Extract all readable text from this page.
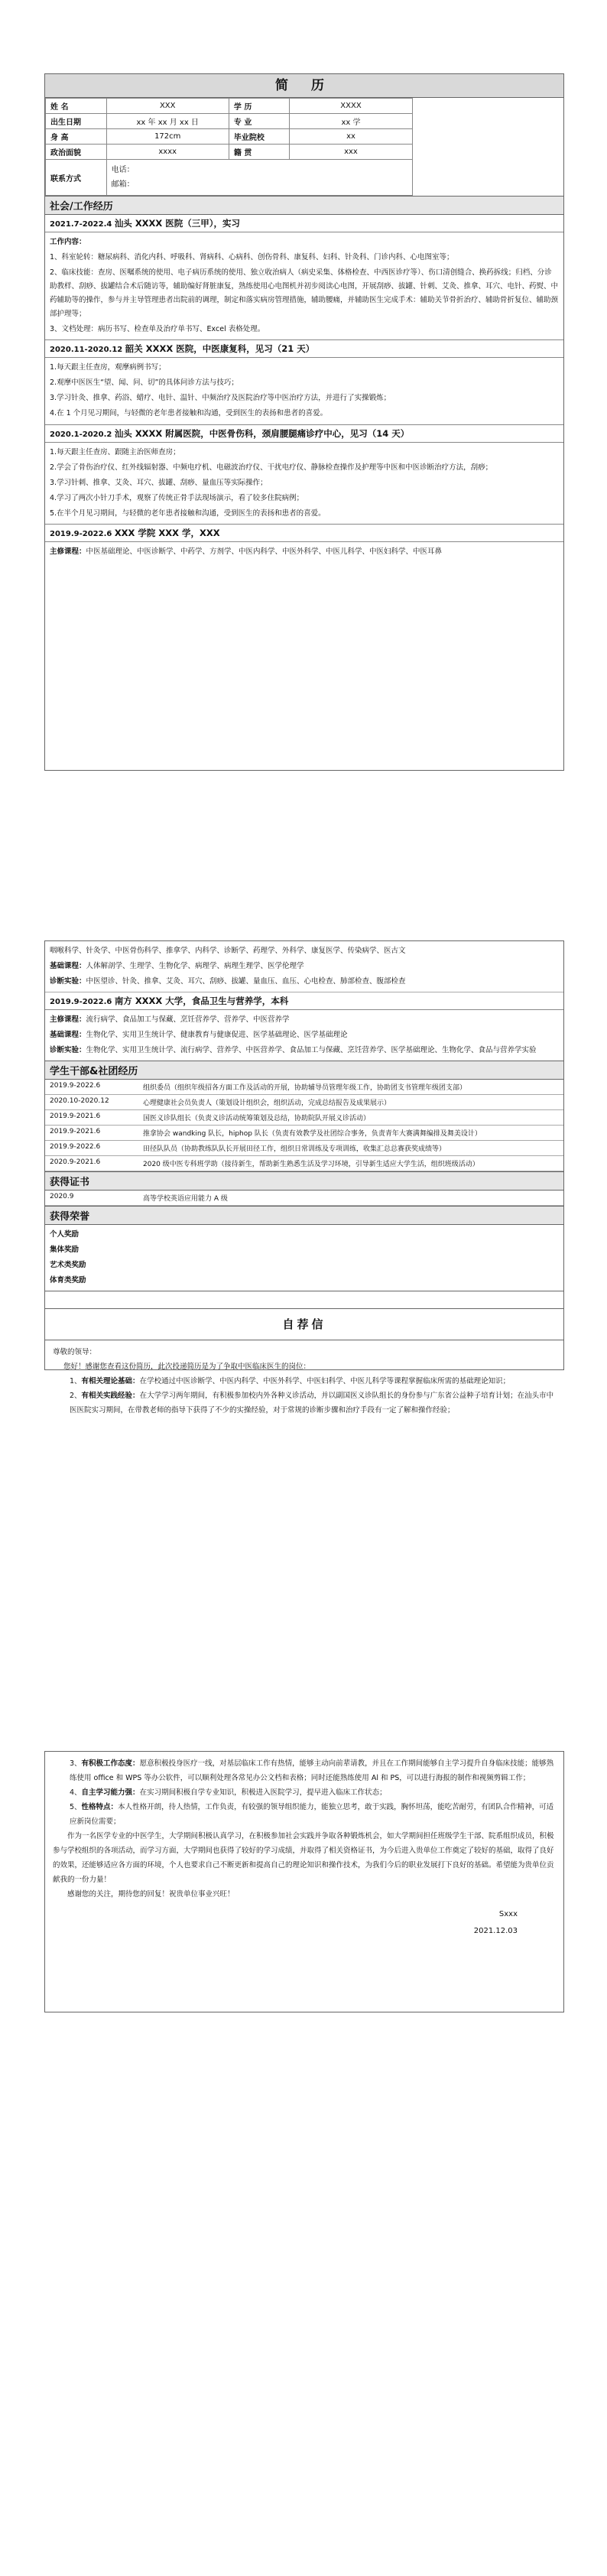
简 历
姓 名	XXX	学 历	XXXX	
出生日期	xx 年 xx 月 xx 日	专 业	xx 学	
身 高	172cm	毕业院校	xx	
政治面貌	xxxx	籍 贯	xxx	
联系方式	电话：
邮箱：			
社会/工作经历
2021.7-2022.4 汕头 XXXX 医院（三甲），实习
工作内容：
1、科室轮转：糖尿病科、消化内科、呼吸科、肾病科、心病科、创伤骨科、康复科、妇科、针灸科、门诊内科、心电图室等；
2、临床技能：查房、医嘱系统的使用、电子病历系统的使用、独立收治病人（病史采集、体格检查、中西医诊疗等）、伤口清创缝合、换药拆线；归档、分诊助教样、刮痧、拔罐结合术后随访等，辅助编好肾脏康复，熟练使用心电图机并初步阅读心电图，开展刮痧、拔罐、针刺、艾灸、推拿、耳穴、电针、药熨、中药辅助等的操作，参与并主导管理患者出院前的调理，制定和落实病房管理措施，辅助腰痛，并辅助医生完成手术：辅助关节骨折治疗、辅助骨折复位、辅助颈部护理等；
3、文档处理：病历书写、检查单及治疗单书写、Excel 表格处理。
2020.11-2020.12 韶关 XXXX 医院，中医康复科，见习（21 天）
1.每天跟主任查房，观摩病例书写；
2.观摩中医医生“望、闻、问、切”的具体问诊方法与技巧；
3.学习针灸、推拿、药浴、蜡疗、电针、温针、中频治疗及医院治疗等中医治疗方法，并进行了实操锻炼；
4.在 1 个月见习期间，与轻微的老年患者接触和沟通，受到医生的表扬和患者的喜爱。
2020.1-2020.2 汕头 XXXX 附属医院，中医骨伤科，颈肩腰腿痛诊疗中心，见习（14 天）
1.每天跟主任查房、跟随主治医师查房；
2.学会了骨伤治疗仪、红外线辐射器、中频电疗机、电磁波治疗仪、干扰电疗仪、静脉检查操作及护理等中医和中医诊断治疗方法，刮痧；
3.学习针刺、推拿、艾灸、耳穴、拔罐、刮痧、量血压等实际操作；
4.学习了两次小针刀手术，观察了传统正骨手法现场演示，看了较多住院病例；
5.在半个月见习期间，与轻微的老年患者接触和沟通，受到医生的表扬和患者的喜爱。
2019.9-2022.6 XXX 学院 XXX 学，XXX
主修课程：中医基础理论、中医诊断学、中药学、方剂学、中医内科学、中医外科学、中医儿科学、中医妇科学、中医耳鼻
咽喉科学、针灸学、中医骨伤科学、推拿学、内科学、诊断学、药理学、外科学、康复医学、传染病学、医古文
基础课程：人体解剖学、生理学、生物化学、病理学、病理生理学、医学伦理学
诊断实验：中医望诊、针灸、推拿、艾灸、耳穴、刮痧、拔罐、量血压、血压、心电检查、肺部检查、腹部检查
2019.9-2022.6 南方 XXXX 大学，食品卫生与营养学，本科
主修课程：流行病学、食品加工与保藏、烹饪营养学、营养学、中医营养学
基础课程：生物化学、实用卫生统计学、健康教育与健康促进、医学基础理论、医学基础理论
诊断实验：生物化学、实用卫生统计学、流行病学、营养学、中医营养学、食品加工与保藏、烹饪营养学、医学基础理论、生物化学、食品与营养学实验
学生干部&社团经历
2019.9-2022.6	组织委员（组织年级招各方面工作及活动的开展，协助辅导员管理年级工作，协助团支书管理年级团支部）
2020.10-2020.12	心理健康社会员负责人（策划设计组织会，组织活动，完成总结报告及成果展示）
2019.9-2021.6	国医义诊队组长（负责义诊活动统筹策划及总结，协助院队开展义诊活动）
2019.9-2021.6	推拿协会 wandking 队长，hiphop 队长（负责有效教学及社团综合事务，负责青年大赛满舞编排及舞美设计）
2019.9-2022.6	田径队队员（协助教练队队长开展田径工作，组织日常训练及专项训练，收集汇总总赛获奖成绩等）
2020.9-2021.6	2020 级中医专科班学助（接待新生，帮助新生熟悉生活及学习环境，引导新生适应大学生活，组织班级活动）
获得证书
2020.9	高等学校英语应用能力 A 级
获得荣誉
个人奖励
集体奖励
艺术类奖励
体育类奖励
自荐信
尊敬的领导：
您好！感谢您查看这份简历，此次投递简历是为了争取中医临床医生的岗位：
1、有相关理论基础：在学校通过中医诊断学、中医内科学、中医外科学、中医妇科学、中医儿科学等课程掌握临床所需的基础理论知识；
2、有相关实践经验：在大学学习两年期间，有积极参加校内外各种义诊活动，并以副国医义诊队组长的身份参与广东省公益种子培育计划；在汕头市中医医院实习期间，在带教老师的指导下获得了不少的实操经验，对于常规的诊断步骤和治疗手段有一定了解和操作经验；
3、有积极工作态度：愿意积极投身医疗一线，对基层临床工作有热情，能够主动向前辈请教，并且在工作期间能够自主学习提升自身临床技能；能够熟练使用 office 和 WPS 等办公软件，可以顺利处理各常见办公文档和表格；同时还能熟练使用 Al 和 PS，可以进行海报的制作和视频剪辑工作；
4、自主学习能力强：在实习期间积极自学专业知识，积极进入医院学习，提早进入临床工作状态；
5、性格特点：本人性格开朗，待人热情，工作负责，有较强的领导组织能力，能独立思考，敢于实践，胸怀坦荡，能吃苦耐劳，有团队合作精神，可适应新岗位需要；
作为一名医学专业的中医学生，大学期间积极认真学习，在积极参加社会实践并争取各种锻炼机会，如大学期间担任班级学生干部、院系组织成员，积极参与学校组织的各项活动，而学习方面，大学期间也获得了较好的学习成绩，并取得了相关资格证书，为今后进入贵单位工作奠定了较好的基础，取得了良好的效果，还能够适应各方面的环境，个人也要求自己不断更新和提高自己的理论知识和操作技术，为我们今后的职业发展打下良好的基础。希望能为贵单位贡献我的一份力量！
感谢您的关注，期待您的回复！祝贵单位事业兴旺！
Sxxx
2021.12.03
